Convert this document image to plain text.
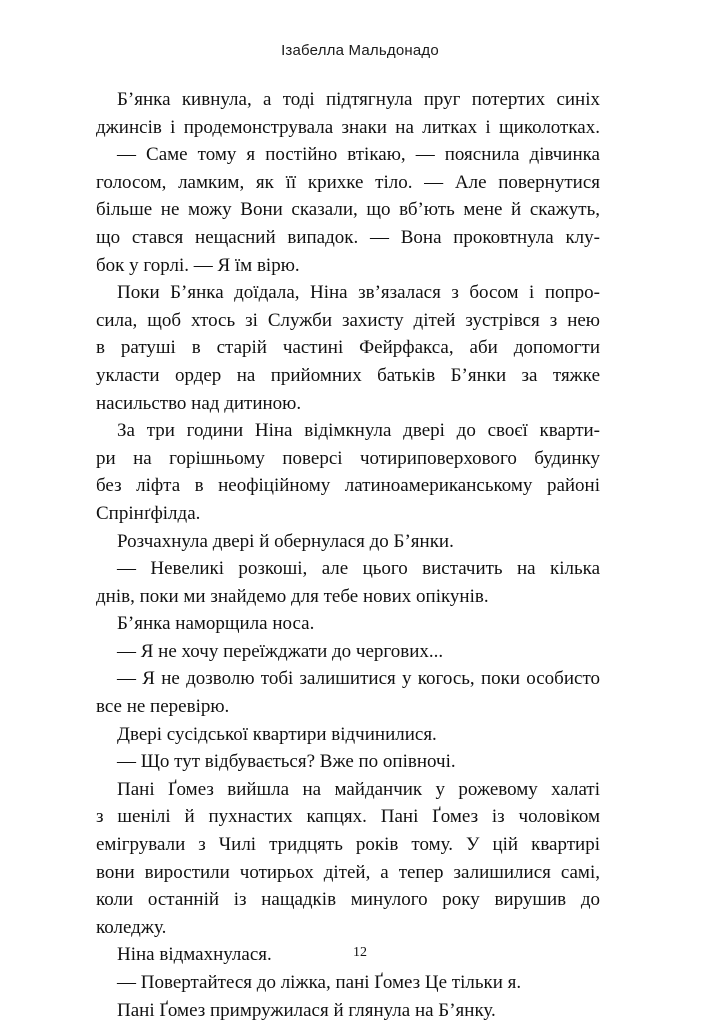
Ізабелла Мальдонадо
Б’янка кивнула, а тоді підтягнула пруг потертих синіх
джинсів і продемонструвала знаки на литках і щиколотках.
— Саме тому я постійно втікаю, — пояснила дівчинка
голосом, ламким, як її крихке тіло. — Але повернутися
більше не можу Вони сказали, що вб’ють мене й скажуть,
що стався нещасний випадок. — Вона проковтнула клу-
бок у горлі. — Я їм вірю.
Поки Б’янка доїдала, Ніна зв’язалася з босом і попро-
сила, щоб хтось зі Служби захисту дітей зустрівся з нею
в ратуші в старій частині Фейрфакса, аби допомогти
укласти ордер на прийомних батьків Б’янки за тяжке
насильство над дитиною.
За три години Ніна відімкнула двері до своєї кварти-
ри на горішньому поверсі чотириповерхового будинку
без ліфта в неофіційному латиноамериканському районі
Спрінґфілда.
Розчахнула двері й обернулася до Б’янки.
— Невеликі розкоші, але цього вистачить на кілька
днів, поки ми знайдемо для тебе нових опікунів.
Б’янка наморщила носа.
— Я не хочу переїжджати до чергових...
— Я не дозволю тобі залишитися у когось, поки особисто
все не перевірю.
Двері сусідської квартири відчинилися.
— Що тут відбувається? Вже по опівночі.
Пані Ґомез вийшла на майданчик у рожевому халаті
з шенілі й пухнастих капцях. Пані Ґомез із чоловіком
емігрували з Чилі тридцять років тому. У цій квартирі
вони виростили чотирьох дітей, а тепер залишилися самі,
коли останній із нащадків минулого року вирушив до
коледжу.
Ніна відмахнулася.
— Повертайтеся до ліжка, пані Ґомез Це тільки я.
Пані Ґомез примружилася й глянула на Б’янку.
12
